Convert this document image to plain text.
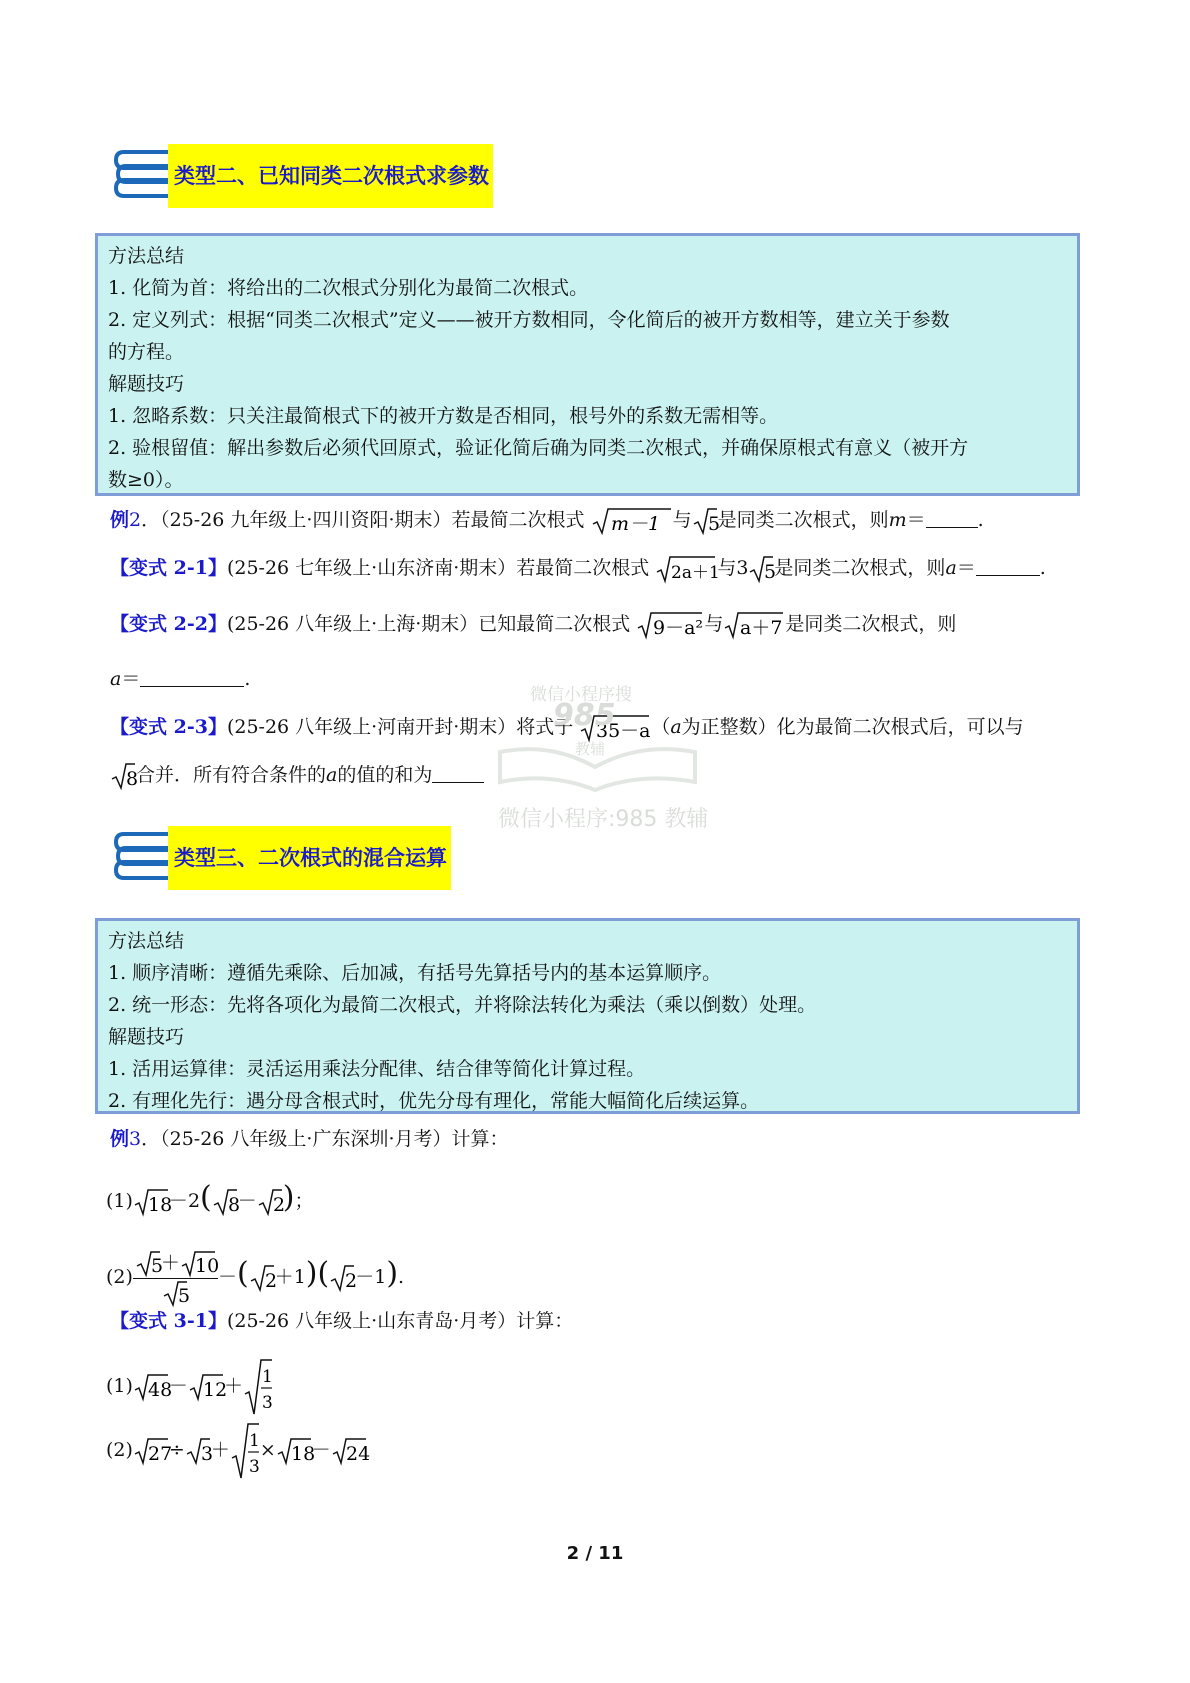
类型二、已知同类二次根式求参数
方法总结
1. 化简为首：将给出的二次根式分别化为最简二次根式。
2. 定义列式：根据“同类二次根式”定义——被开方数相同，令化简后的被开方数相等，建立关于参数
的方程。
解题技巧
1. 忽略系数：只关注最简根式下的被开方数是否相同，根号外的系数无需相等。
2. 验根留值：解出参数后必须代回原式，验证化简后确为同类二次根式，并确保原根式有意义（被开方
数≥0）。
例2．（25-26 九年级上·四川资阳·期末）若最简二次根式 m－1 与 5
是同类二次根式，则m＝	.
【变式 2-1】(25-26 七年级上·山东济南·期末）若最简二次根式 2a＋1
与3 5
是同类二次根式，则a＝	.
【变式 2-2】(25-26 八年级上·上海·期末）已知最简二次根式 9－a² 与 a＋7 是同类二次根式，则
a＝	.
【变式 2-3】(25-26 八年级上·河南开封·期末）将式子 35－a （a为正整数）化为最简二次根式后，可以与
8
合并．所有符合条件的a的值的和为
微信小程序搜
985
教辅
微信小程序:985 教辅
类型三、二次根式的混合运算
方法总结
1. 顺序清晰：遵循先乘除、后加减，有括号先算括号内的基本运算顺序。
2. 统一形态：先将各项化为最简二次根式，并将除法转化为乘法（乘以倒数）处理。
解题技巧
1. 活用运算律：灵活运用乘法分配律、结合律等简化计算过程。
2. 有理化先行：遇分母含根式时，优先分母有理化，常能大幅简化后续运算。
例3．（25-26 八年级上·广东深圳·月考）计算：
(1) 18
－2( 8
－ 2
)；
(2) 5
＋ 10
5 －( 2
＋1)( 2
－1).
【变式 3-1】(25-26 八年级上·山东青岛·月考）计算：
(1) 48
－ 12
＋ 1
3
(2) 27
÷ 3
＋ 1
3
× 18
－ 24
2 / 11
